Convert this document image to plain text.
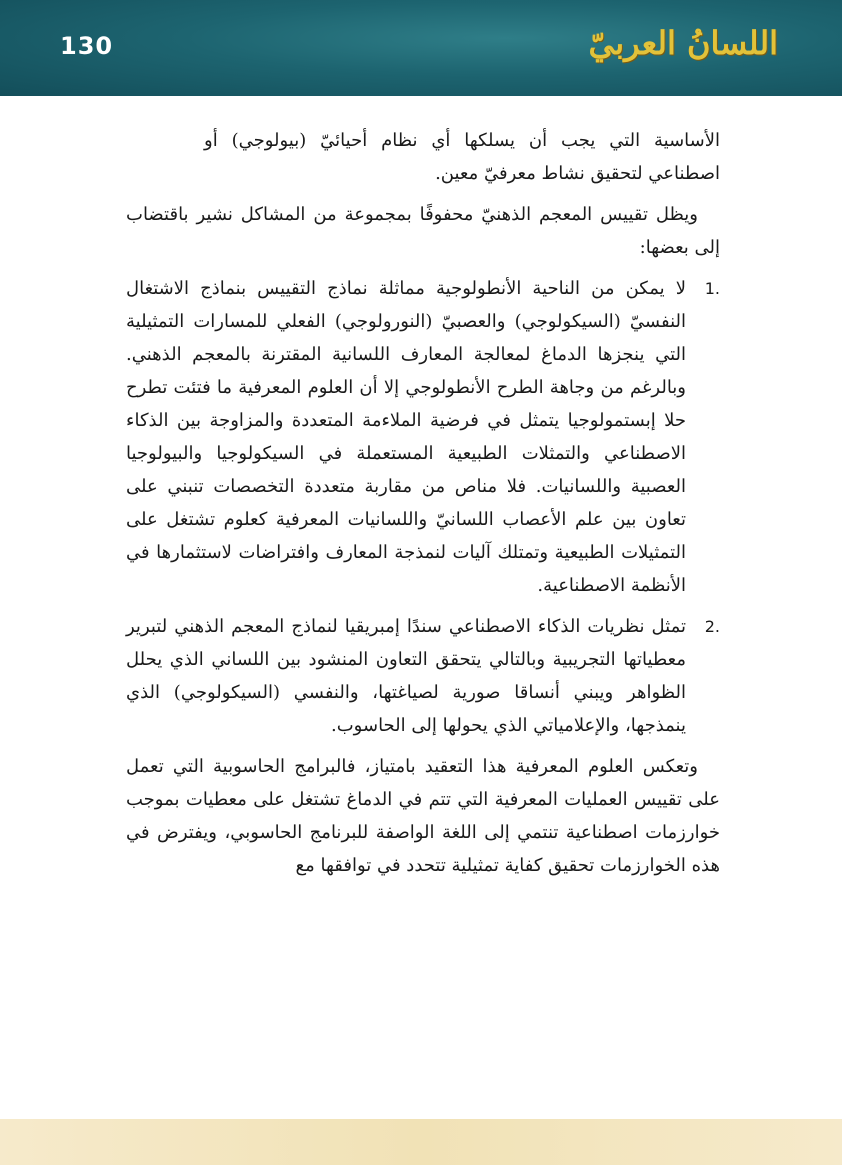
130	اللسانُ العربيّ

الأساسية التي يجب أن يسلكها أي نظام أحيائيّ (بيولوجي) أو اصطناعي لتحقيق نشاط معرفيّ معين.

ويظل تقييس المعجم الذهنيّ محفوفًا بمجموعة من المشاكل نشير باقتضاب إلى بعضها:

.1
لا يمكن من الناحية الأنطولوجية مماثلة نماذج التقييس بنماذج الاشتغال النفسيّ (السيكولوجي) والعصبيّ (النورولوجي) الفعلي للمسارات التمثيلية التي ينجزها الدماغ لمعالجة المعارف اللسانية المقترنة بالمعجم الذهني. وبالرغم من وجاهة الطرح الأنطولوجي إلا أن العلوم المعرفية ما فتئت تطرح حلا إبستمولوجيا يتمثل في فرضية الملاءمة المتعددة والمزاوجة بين الذكاء الاصطناعي والتمثلات الطبيعية المستعملة في السيكولوجيا والبيولوجيا العصبية واللسانيات. فلا مناص من مقاربة متعددة التخصصات تنبني على تعاون بين علم الأعصاب اللسانيّ واللسانيات المعرفية كعلوم تشتغل على التمثيلات الطبيعية وتمتلك آليات لنمذجة المعارف وافتراضات لاستثمارها في الأنظمة الاصطناعية.
.2
تمثل نظريات الذكاء الاصطناعي سندًا إمبريقيا لنماذج المعجم الذهني لتبرير معطياتها التجريبية وبالتالي يتحقق التعاون المنشود بين اللساني الذي يحلل الظواهر ويبني أنساقا صورية لصياغتها، والنفسي (السيكولوجي) الذي ينمذجها، والإعلامياتي الذي يحولها إلى الحاسوب.

وتعكس العلوم المعرفية هذا التعقيد بامتياز، فالبرامج الحاسوبية التي تعمل على تقييس العمليات المعرفية التي تتم في الدماغ تشتغل على معطيات بموجب خوارزمات اصطناعية تنتمي إلى اللغة الواصفة للبرنامج الحاسوبي، ويفترض في هذه الخوارزمات تحقيق كفاية تمثيلية تتحدد في توافقها مع
